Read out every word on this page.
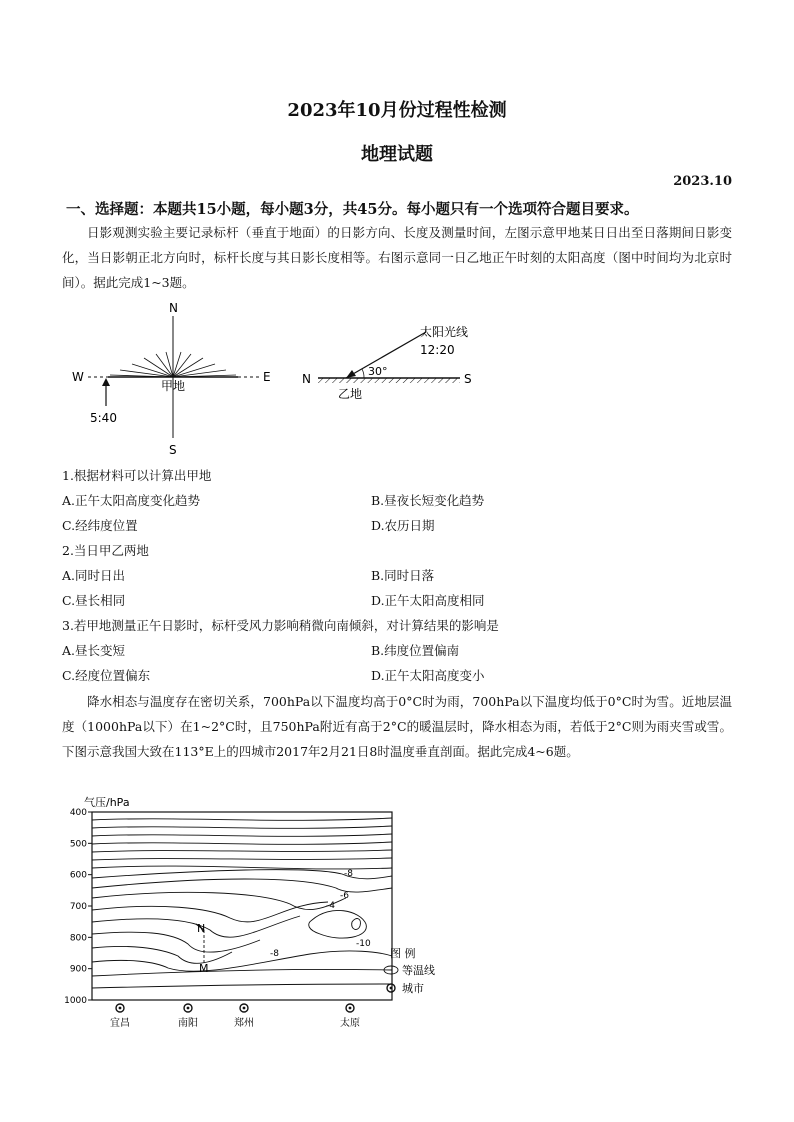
2023年10月份过程性检测
地理试题
2023.10
一、选择题：本题共15小题，每小题3分，共45分。每小题只有一个选项符合题目要求。
日影观测实验主要记录标杆（垂直于地面）的日影方向、长度及测量时间，左图示意甲地某日日出至日落期间日影变化，当日影朝正北方向时，标杆长度与其日影长度相等。右图示意同一日乙地正午时刻的太阳高度（图中时间均为北京时间）。据此完成1~3题。
N
S
W	E
甲地
5:40
太阳光线
12:20
30°
N	S
乙地
1.根据材料可以计算出甲地
A.正午太阳高度变化趋势	B.昼夜长短变化趋势
C.经纬度位置	D.农历日期
2.当日甲乙两地
A.同时日出	B.同时日落
C.昼长相同	D.正午太阳高度相同
3.若甲地测量正午日影时，标杆受风力影响稍微向南倾斜，对计算结果的影响是
A.昼长变短	B.纬度位置偏南
C.经度位置偏东	D.正午太阳高度变小
降水相态与温度存在密切关系，700hPa以下温度均高于0°C时为雨，700hPa以下温度均低于0°C时为雪。近地层温度（1000hPa以下）在1~2°C时，且750hPa附近有高于2°C的暖温层时，降水相态为雨，若低于2°C则为雨夹雪或雪。下图示意我国大致在113°E上的四城市2017年2月21日8时温度垂直剖面。据此完成4~6题。
气压/hPa
400
500
600
700
800
900
1000
-8
-6
-4
-10
-8
N
M
宜昌	南阳	郑州	太原
图 例
等温线
城市
